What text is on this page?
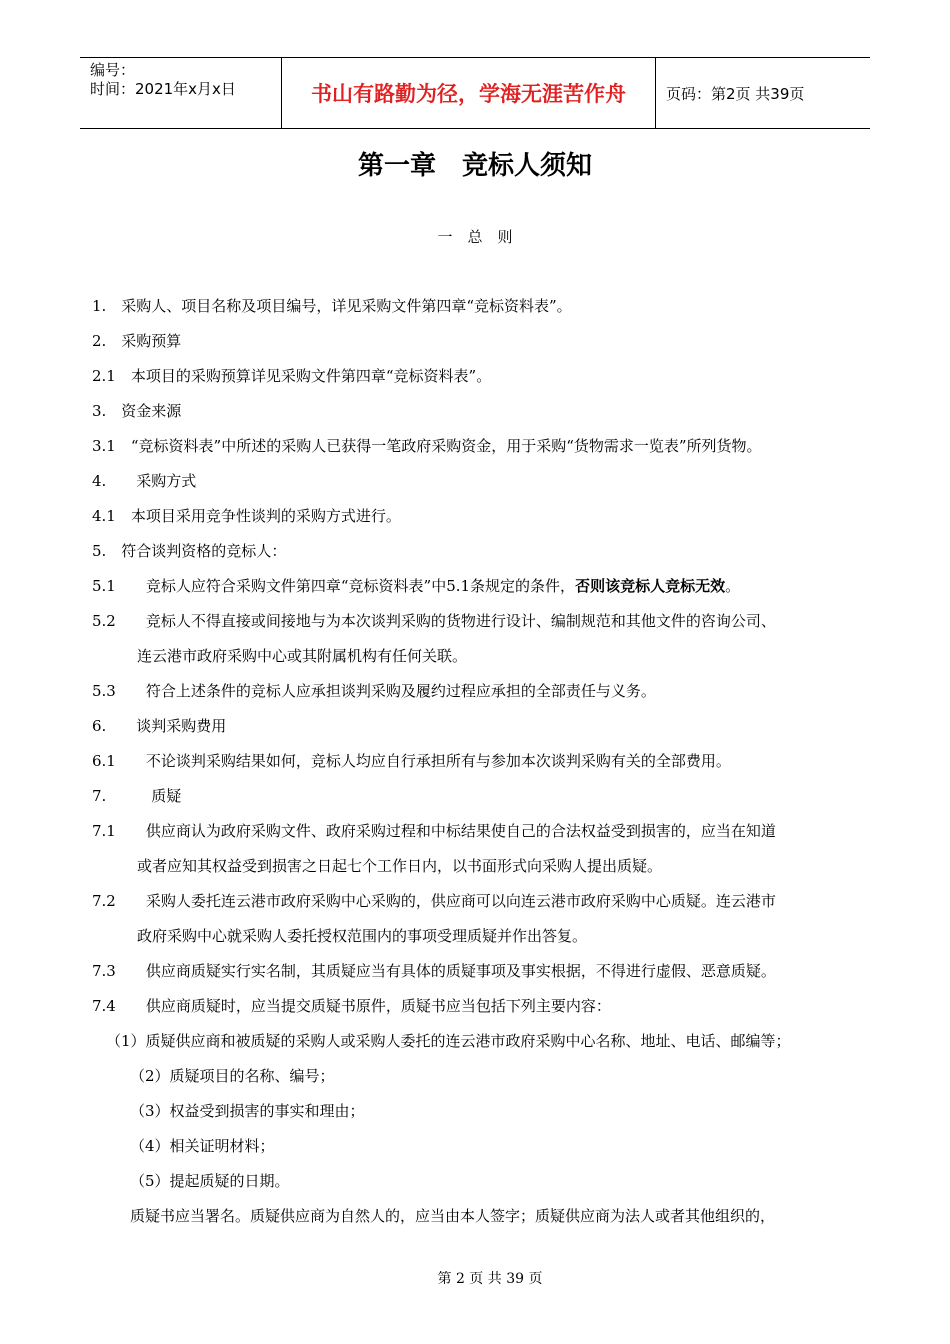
编号：
时间：2021年x月x日	书山有路勤为径，学海无涯苦作舟	页码：第2页 共39页
第一章　竞标人须知
一　总　则
1.　采购人、项目名称及项目编号，详见采购文件第四章“竞标资料表”。
2.　采购预算
2.1　本项目的采购预算详见采购文件第四章“竞标资料表”。
3.　资金来源
3.1　“竞标资料表”中所述的采购人已获得一笔政府采购资金，用于采购“货物需求一览表”所列货物。
4.　　采购方式
4.1　本项目采用竞争性谈判的采购方式进行。
5.　符合谈判资格的竞标人：
5.1　　竞标人应符合采购文件第四章“竞标资料表”中5.1条规定的条件，否则该竞标人竞标无效。
5.2　　竞标人不得直接或间接地与为本次谈判采购的货物进行设计、编制规范和其他文件的咨询公司、
连云港市政府采购中心或其附属机构有任何关联。
5.3　　符合上述条件的竞标人应承担谈判采购及履约过程应承担的全部责任与义务。
6.　　谈判采购费用
6.1　　不论谈判采购结果如何，竞标人均应自行承担所有与参加本次谈判采购有关的全部费用。
7.　　　质疑
7.1　　供应商认为政府采购文件、政府采购过程和中标结果使自己的合法权益受到损害的，应当在知道
或者应知其权益受到损害之日起七个工作日内，以书面形式向采购人提出质疑。
7.2　　采购人委托连云港市政府采购中心采购的，供应商可以向连云港市政府采购中心质疑。连云港市
政府采购中心就采购人委托授权范围内的事项受理质疑并作出答复。
7.3　　供应商质疑实行实名制，其质疑应当有具体的质疑事项及事实根据，不得进行虚假、恶意质疑。
7.4　　供应商质疑时，应当提交质疑书原件，质疑书应当包括下列主要内容：
（1）质疑供应商和被质疑的采购人或采购人委托的连云港市政府采购中心名称、地址、电话、邮编等；
（2）质疑项目的名称、编号；
（3）权益受到损害的事实和理由；
（4）相关证明材料；
（5）提起质疑的日期。
质疑书应当署名。质疑供应商为自然人的，应当由本人签字；质疑供应商为法人或者其他组织的，
第 2 页 共 39 页
